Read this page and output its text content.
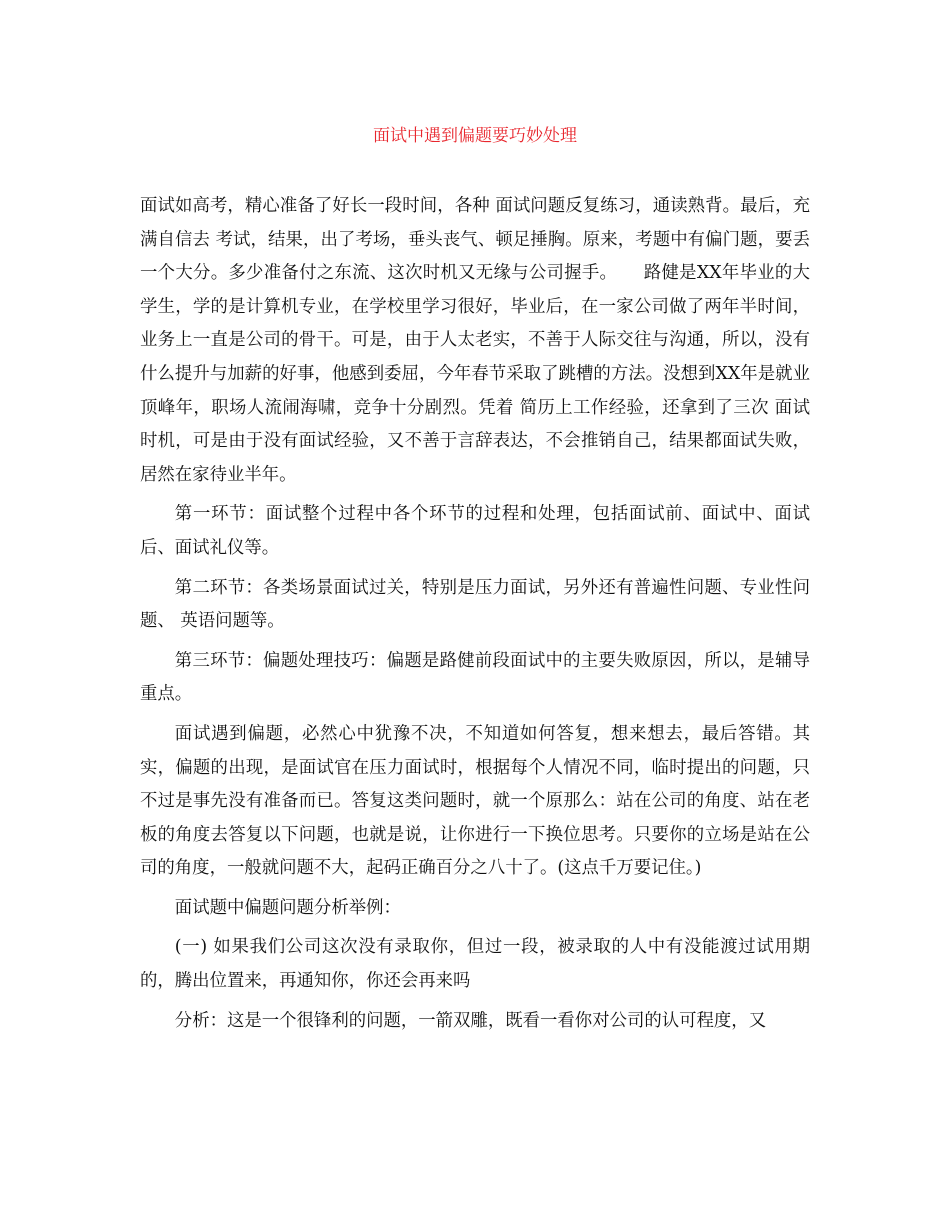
面试中遇到偏题要巧妙处理

面试如高考，精心准备了好长一段时间，各种 面试问题反复练习，通读熟背。最后，充满自信去 考试，结果，出了考场，垂头丧气、顿足捶胸。原来，考题中有偏门题，要丢一个大分。多少准备付之东流、这次时机又无缘与公司握手。　　路健是XX年毕业的大学生，学的是计算机专业，在学校里学习很好，毕业后，在一家公司做了两年半时间，业务上一直是公司的骨干。可是，由于人太老实，不善于人际交往与沟通，所以，没有什么提升与加薪的好事，他感到委屈，今年春节采取了跳槽的方法。没想到XX年是就业顶峰年，职场人流闹海啸，竞争十分剧烈。凭着 简历上工作经验，还拿到了三次 面试时机，可是由于没有面试经验，又不善于言辞表达，不会推销自己，结果都面试失败，居然在家待业半年。

第一环节：面试整个过程中各个环节的过程和处理，包括面试前、面试中、面试后、面试礼仪等。

第二环节：各类场景面试过关，特别是压力面试，另外还有普遍性问题、专业性问题、 英语问题等。

第三环节：偏题处理技巧：偏题是路健前段面试中的主要失败原因，所以，是辅导重点。

面试遇到偏题，必然心中犹豫不决，不知道如何答复，想来想去，最后答错。其实，偏题的出现，是面试官在压力面试时，根据每个人情况不同，临时提出的问题，只不过是事先没有准备而已。答复这类问题时，就一个原那么：站在公司的角度、站在老板的角度去答复以下问题，也就是说，让你进行一下换位思考。只要你的立场是站在公司的角度，一般就问题不大，起码正确百分之八十了。(这点千万要记住。)

面试题中偏题问题分析举例：

(一) 如果我们公司这次没有录取你，但过一段，被录取的人中有没能渡过试用期的，腾出位置来，再通知你，你还会再来吗

分析：这是一个很锋利的问题，一箭双雕，既看一看你对公司的认可程度，又
